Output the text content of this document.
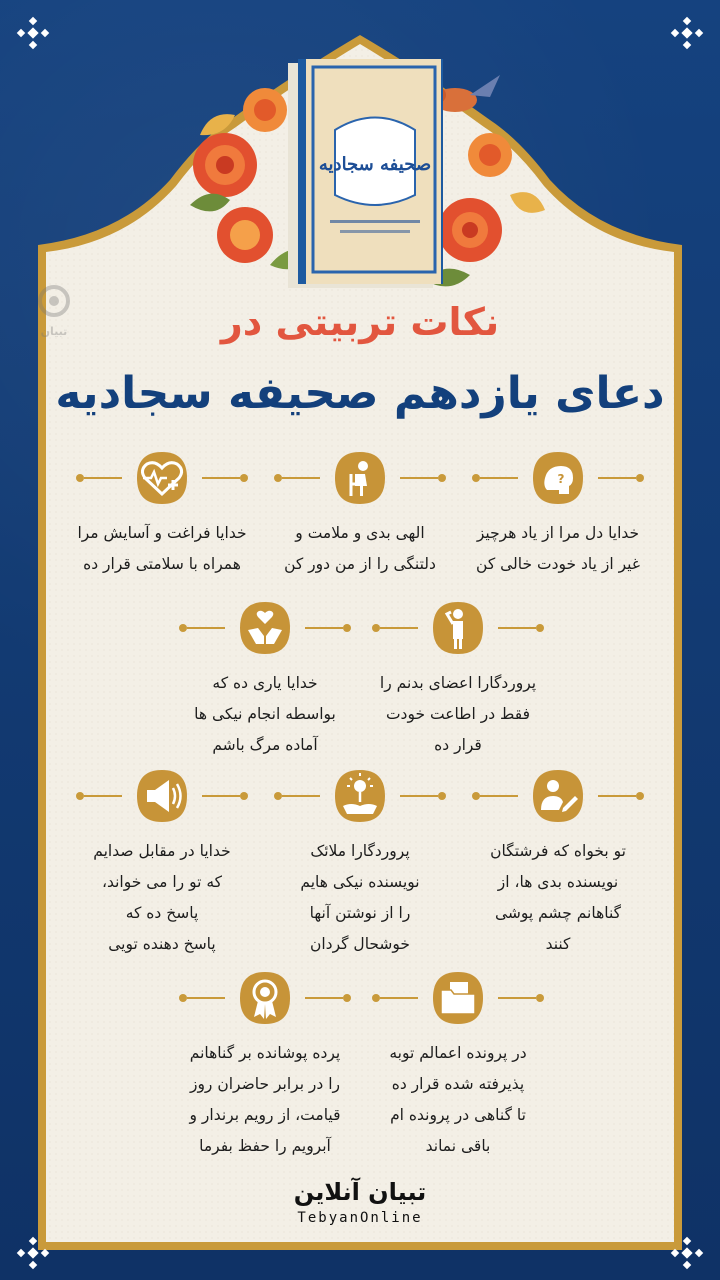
صحیفه سجادیه
تبیان	نکات تربیتی در
دعای یازدهم صحیفه سجادیه
?
خدایا دل مرا از یاد هرچیز
غیر از یاد خودت خالی کن
الهی بدی و ملامت و
دلتنگی را از من دور کن
خدایا فراغت و آسایش مرا
همراه با سلامتی قرار ده
پروردگارا اعضای بدنم را
فقط در اطاعت خودت
قرار ده
خدایا یاری ده که
بواسطه انجام نیکی ها
آماده مرگ باشم
تو بخواه که فرشتگان
نویسنده بدی ها، از
گناهانم چشم پوشی
کنند
پروردگارا ملائک
نویسنده نیکی هایم
را از نوشتن آنها
خوشحال گردان
خدایا در مقابل صدایم
که تو را می خواند،
پاسخ ده که
پاسخ دهنده تویی
در پرونده اعمالم توبه
پذیرفته شده قرار ده
تا گناهی در پرونده ام
باقی نماند
پرده پوشانده بر گناهانم
را در برابر حاضران روز
قیامت، از رویم برندار و
آبرویم را حفظ بفرما
تبیان آنلاین
TebyanOnline
